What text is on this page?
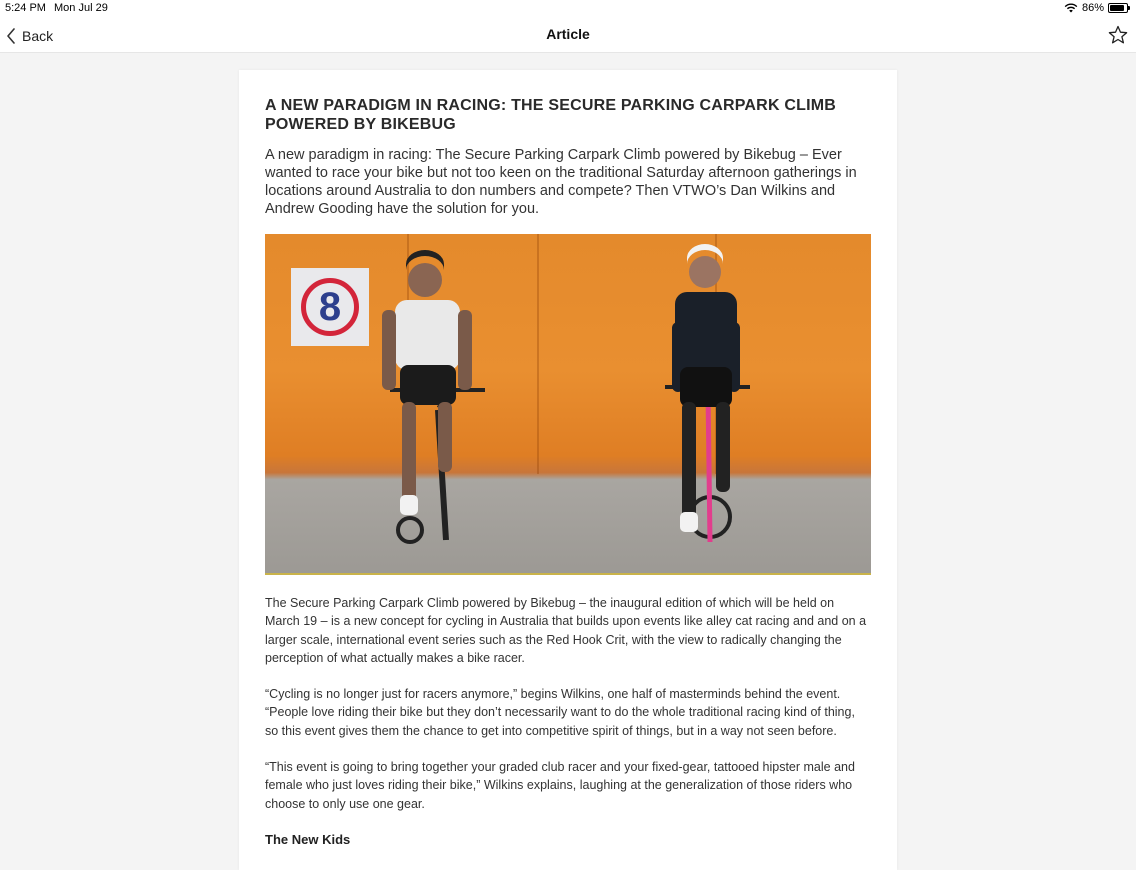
5:24 PM Mon Jul 29	86%
Back	Article
A NEW PARADIGM IN RACING: THE SECURE PARKING CARPARK CLIMB POWERED BY BIKEBUG

A new paradigm in racing: The Secure Parking Carpark Climb powered by Bikebug – Ever wanted to race your bike but not too keen on the traditional Saturday afternoon gatherings in locations around Australia to don numbers and compete? Then VTWO’s Dan Wilkins and Andrew Gooding have the solution for you.

8

The Secure Parking Carpark Climb powered by Bikebug – the inaugural edition of which will be held on March 19 – is a new concept for cycling in Australia that builds upon events like alley cat racing and and on a larger scale, international event series such as the Red Hook Crit, with the view to radically changing the perception of what actually makes a bike racer.

“Cycling is no longer just for racers anymore,” begins Wilkins, one half of masterminds behind the event. “People love riding their bike but they don’t necessarily want to do the whole traditional racing kind of thing, so this event gives them the chance to get into competitive spirit of things, but in a way not seen before.

“This event is going to bring together your graded club racer and your fixed-gear, tattooed hipster male and female who just loves riding their bike,” Wilkins explains, laughing at the generalization of those riders who choose to only use one gear.

The New Kids
